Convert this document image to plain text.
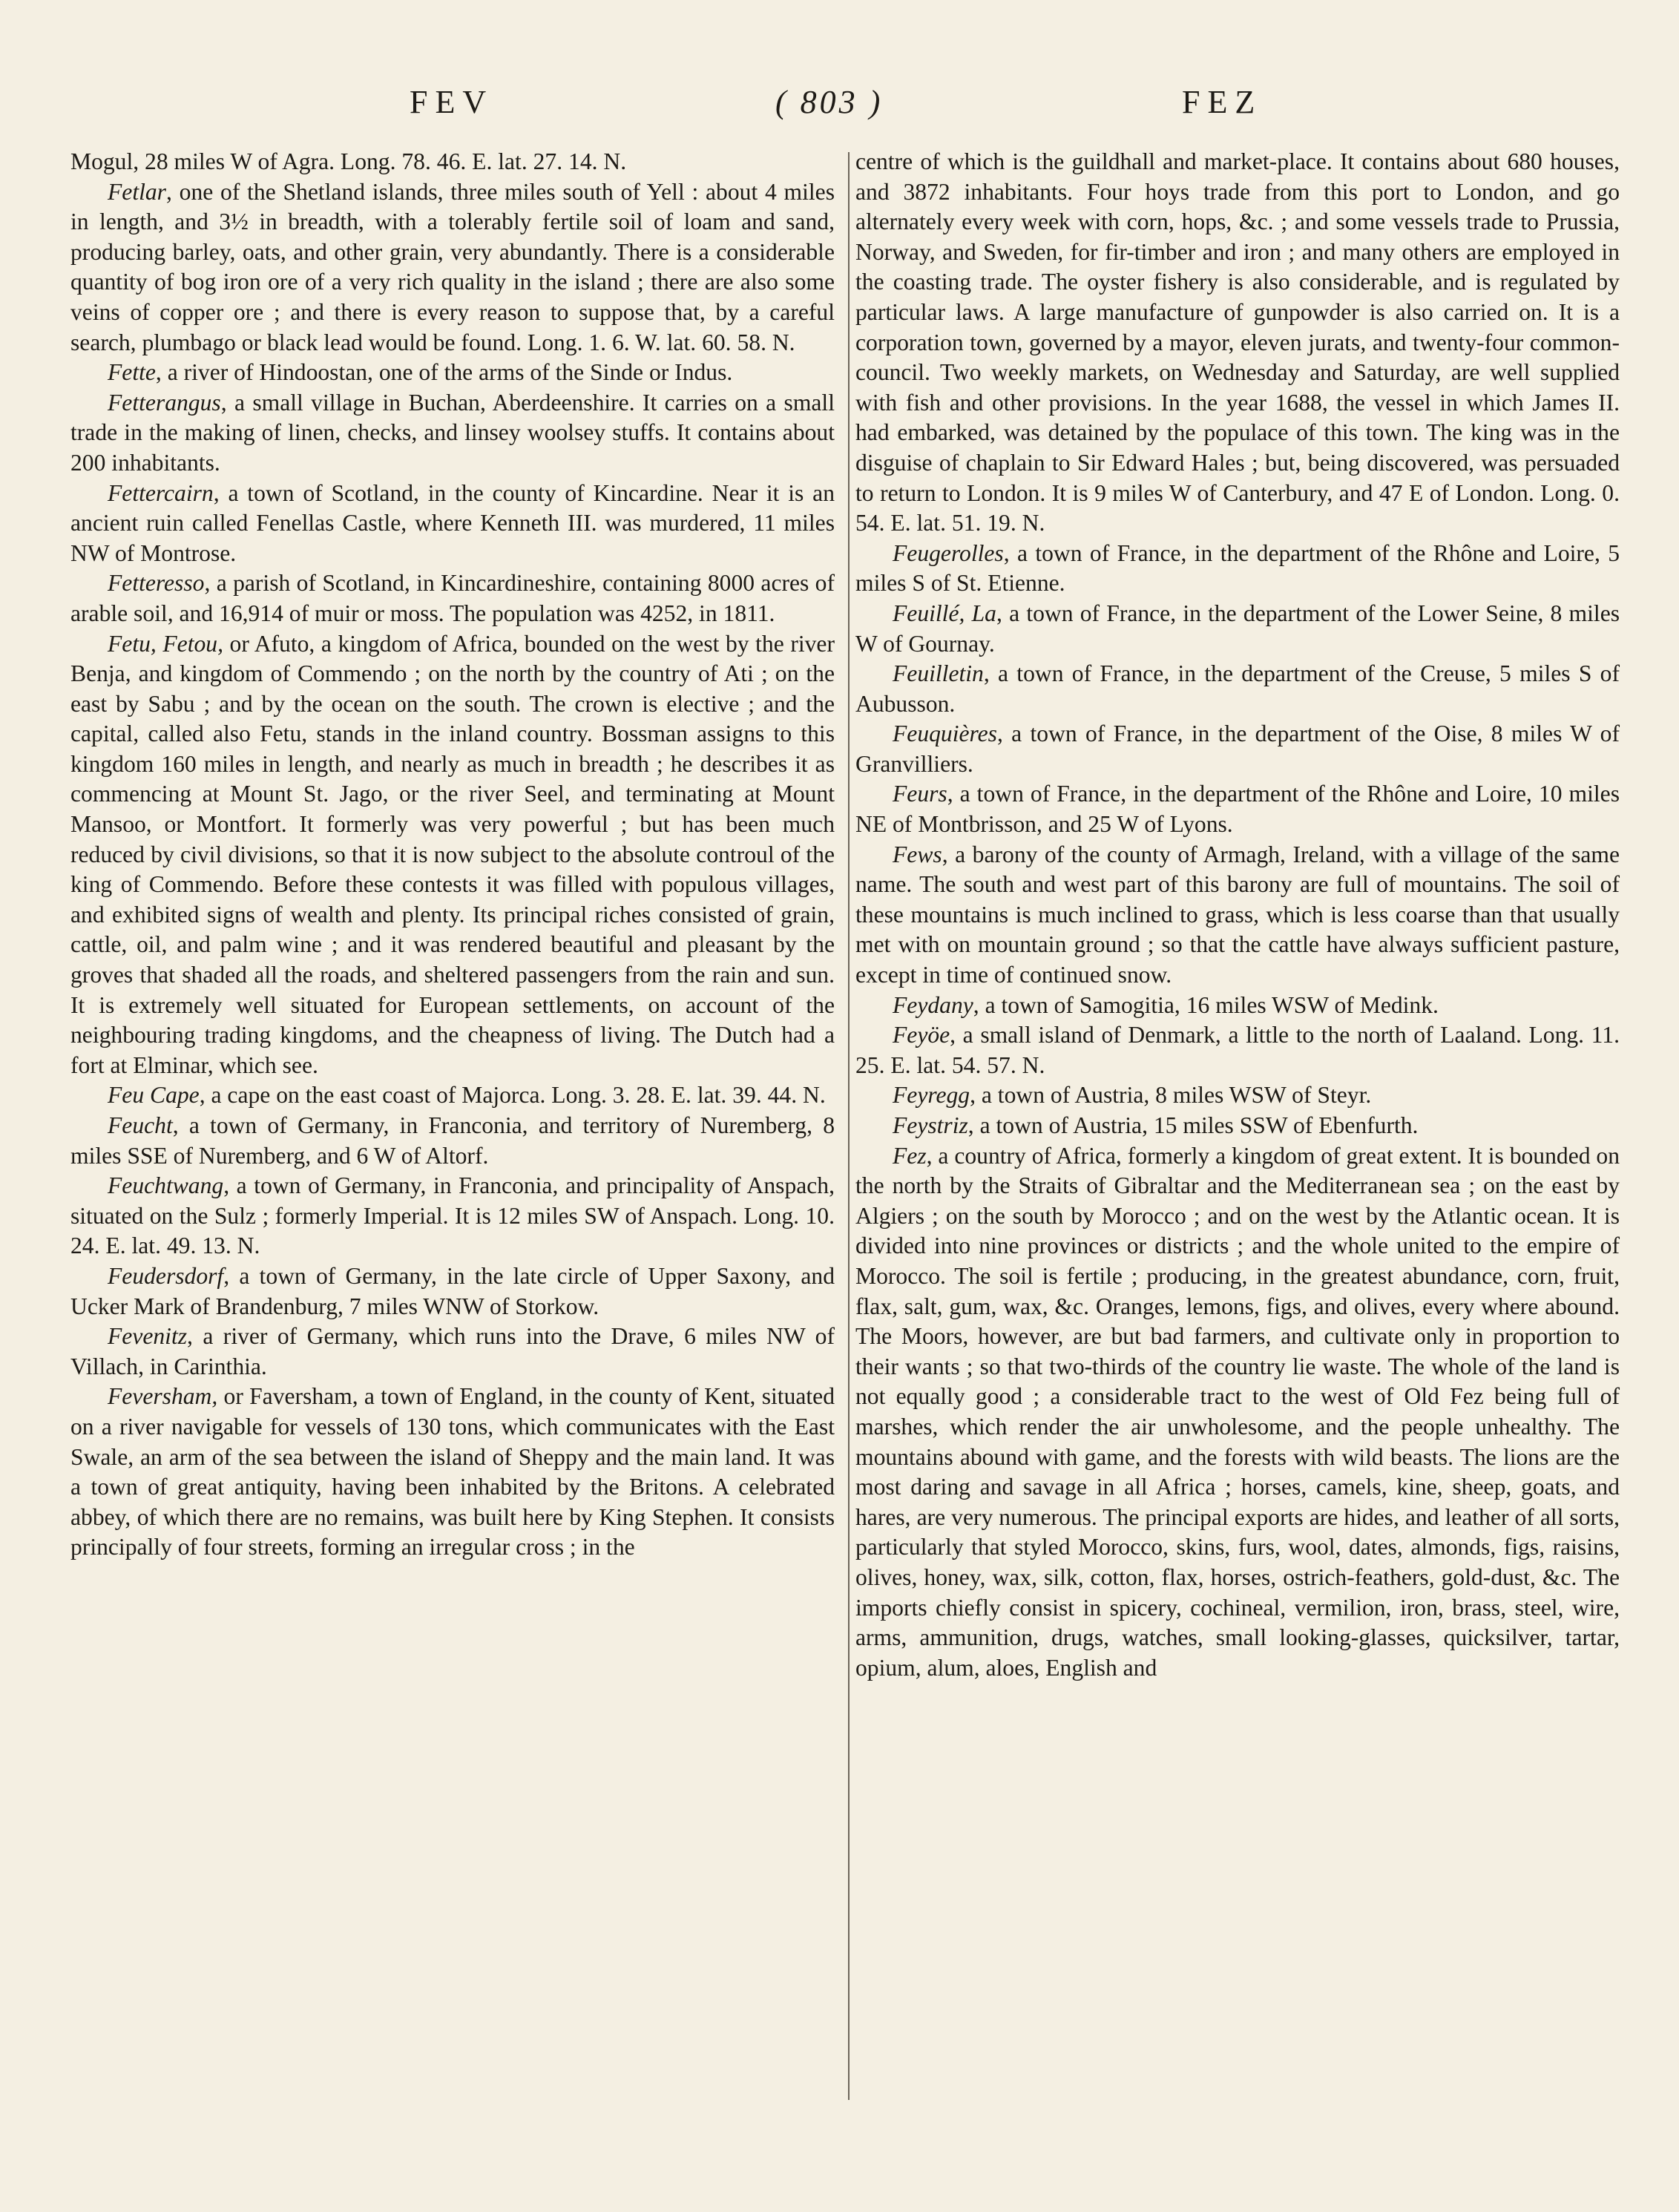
FEV	( 803 )	FEZ

Mogul, 28 miles W of Agra. Long. 78. 46. E. lat. 27. 14. N.

Fetlar, one of the Shetland islands, three miles south of Yell : about 4 miles in length, and 3½ in breadth, with a tolerably fertile soil of loam and sand, producing barley, oats, and other grain, very abundantly. There is a considerable quantity of bog iron ore of a very rich quality in the island ; there are also some veins of copper ore ; and there is every reason to suppose that, by a careful search, plumbago or black lead would be found. Long. 1. 6. W. lat. 60. 58. N.

Fette, a river of Hindoostan, one of the arms of the Sinde or Indus.

Fetterangus, a small village in Buchan, Aberdeenshire. It carries on a small trade in the making of linen, checks, and linsey woolsey stuffs. It contains about 200 inhabitants.

Fettercairn, a town of Scotland, in the county of Kincardine. Near it is an ancient ruin called Fenellas Castle, where Kenneth III. was murdered, 11 miles NW of Montrose.

Fetteresso, a parish of Scotland, in Kincardineshire, containing 8000 acres of arable soil, and 16,914 of muir or moss. The population was 4252, in 1811.

Fetu, Fetou, or Afuto, a kingdom of Africa, bounded on the west by the river Benja, and kingdom of Commendo ; on the north by the country of Ati ; on the east by Sabu ; and by the ocean on the south. The crown is elective ; and the capital, called also Fetu, stands in the inland country. Bossman assigns to this kingdom 160 miles in length, and nearly as much in breadth ; he describes it as commencing at Mount St. Jago, or the river Seel, and terminating at Mount Mansoo, or Montfort. It formerly was very powerful ; but has been much reduced by civil divisions, so that it is now subject to the absolute controul of the king of Commendo. Before these contests it was filled with populous villages, and exhibited signs of wealth and plenty. Its principal riches consisted of grain, cattle, oil, and palm wine ; and it was rendered beautiful and pleasant by the groves that shaded all the roads, and sheltered passengers from the rain and sun. It is extremely well situated for European settlements, on account of the neighbouring trading kingdoms, and the cheapness of living. The Dutch had a fort at Elminar, which see.

Feu Cape, a cape on the east coast of Majorca. Long. 3. 28. E. lat. 39. 44. N.

Feucht, a town of Germany, in Franconia, and territory of Nuremberg, 8 miles SSE of Nuremberg, and 6 W of Altorf.

Feuchtwang, a town of Germany, in Franconia, and principality of Anspach, situated on the Sulz ; formerly Imperial. It is 12 miles SW of Anspach. Long. 10. 24. E. lat. 49. 13. N.

Feudersdorf, a town of Germany, in the late circle of Upper Saxony, and Ucker Mark of Brandenburg, 7 miles WNW of Storkow.

Fevenitz, a river of Germany, which runs into the Drave, 6 miles NW of Villach, in Carinthia.

Feversham, or Faversham, a town of England, in the county of Kent, situated on a river navigable for vessels of 130 tons, which communicates with the East Swale, an arm of the sea between the island of Sheppy and the main land. It was a town of great antiquity, having been inhabited by the Britons. A celebrated abbey, of which there are no remains, was built here by King Stephen. It consists principally of four streets, forming an irregular cross ; in the

centre of which is the guildhall and market-place. It contains about 680 houses, and 3872 inhabitants. Four hoys trade from this port to London, and go alternately every week with corn, hops, &c. ; and some vessels trade to Prussia, Norway, and Sweden, for fir-timber and iron ; and many others are employed in the coasting trade. The oyster fishery is also considerable, and is regulated by particular laws. A large manufacture of gunpowder is also carried on. It is a corporation town, governed by a mayor, eleven jurats, and twenty-four common-council. Two weekly markets, on Wednesday and Saturday, are well supplied with fish and other provisions. In the year 1688, the vessel in which James II. had embarked, was detained by the populace of this town. The king was in the disguise of chaplain to Sir Edward Hales ; but, being discovered, was persuaded to return to London. It is 9 miles W of Canterbury, and 47 E of London. Long. 0. 54. E. lat. 51. 19. N.

Feugerolles, a town of France, in the department of the Rhône and Loire, 5 miles S of St. Etienne.

Feuillé, La, a town of France, in the department of the Lower Seine, 8 miles W of Gournay.

Feuilletin, a town of France, in the department of the Creuse, 5 miles S of Aubusson.

Feuquières, a town of France, in the department of the Oise, 8 miles W of Granvilliers.

Feurs, a town of France, in the department of the Rhône and Loire, 10 miles NE of Montbrisson, and 25 W of Lyons.

Fews, a barony of the county of Armagh, Ireland, with a village of the same name. The south and west part of this barony are full of mountains. The soil of these mountains is much inclined to grass, which is less coarse than that usually met with on mountain ground ; so that the cattle have always sufficient pasture, except in time of continued snow.

Feydany, a town of Samogitia, 16 miles WSW of Medink.

Feyöe, a small island of Denmark, a little to the north of Laaland. Long. 11. 25. E. lat. 54. 57. N.

Feyregg, a town of Austria, 8 miles WSW of Steyr.

Feystriz, a town of Austria, 15 miles SSW of Ebenfurth.

Fez, a country of Africa, formerly a kingdom of great extent. It is bounded on the north by the Straits of Gibraltar and the Mediterranean sea ; on the east by Algiers ; on the south by Morocco ; and on the west by the Atlantic ocean. It is divided into nine provinces or districts ; and the whole united to the empire of Morocco. The soil is fertile ; producing, in the greatest abundance, corn, fruit, flax, salt, gum, wax, &c. Oranges, lemons, figs, and olives, every where abound. The Moors, however, are but bad farmers, and cultivate only in proportion to their wants ; so that two-thirds of the country lie waste. The whole of the land is not equally good ; a considerable tract to the west of Old Fez being full of marshes, which render the air unwholesome, and the people unhealthy. The mountains abound with game, and the forests with wild beasts. The lions are the most daring and savage in all Africa ; horses, camels, kine, sheep, goats, and hares, are very numerous. The principal exports are hides, and leather of all sorts, particularly that styled Morocco, skins, furs, wool, dates, almonds, figs, raisins, olives, honey, wax, silk, cotton, flax, horses, ostrich-feathers, gold-dust, &c. The imports chiefly consist in spicery, cochineal, vermilion, iron, brass, steel, wire, arms, ammunition, drugs, watches, small looking-glasses, quicksilver, tartar, opium, alum, aloes, English and
